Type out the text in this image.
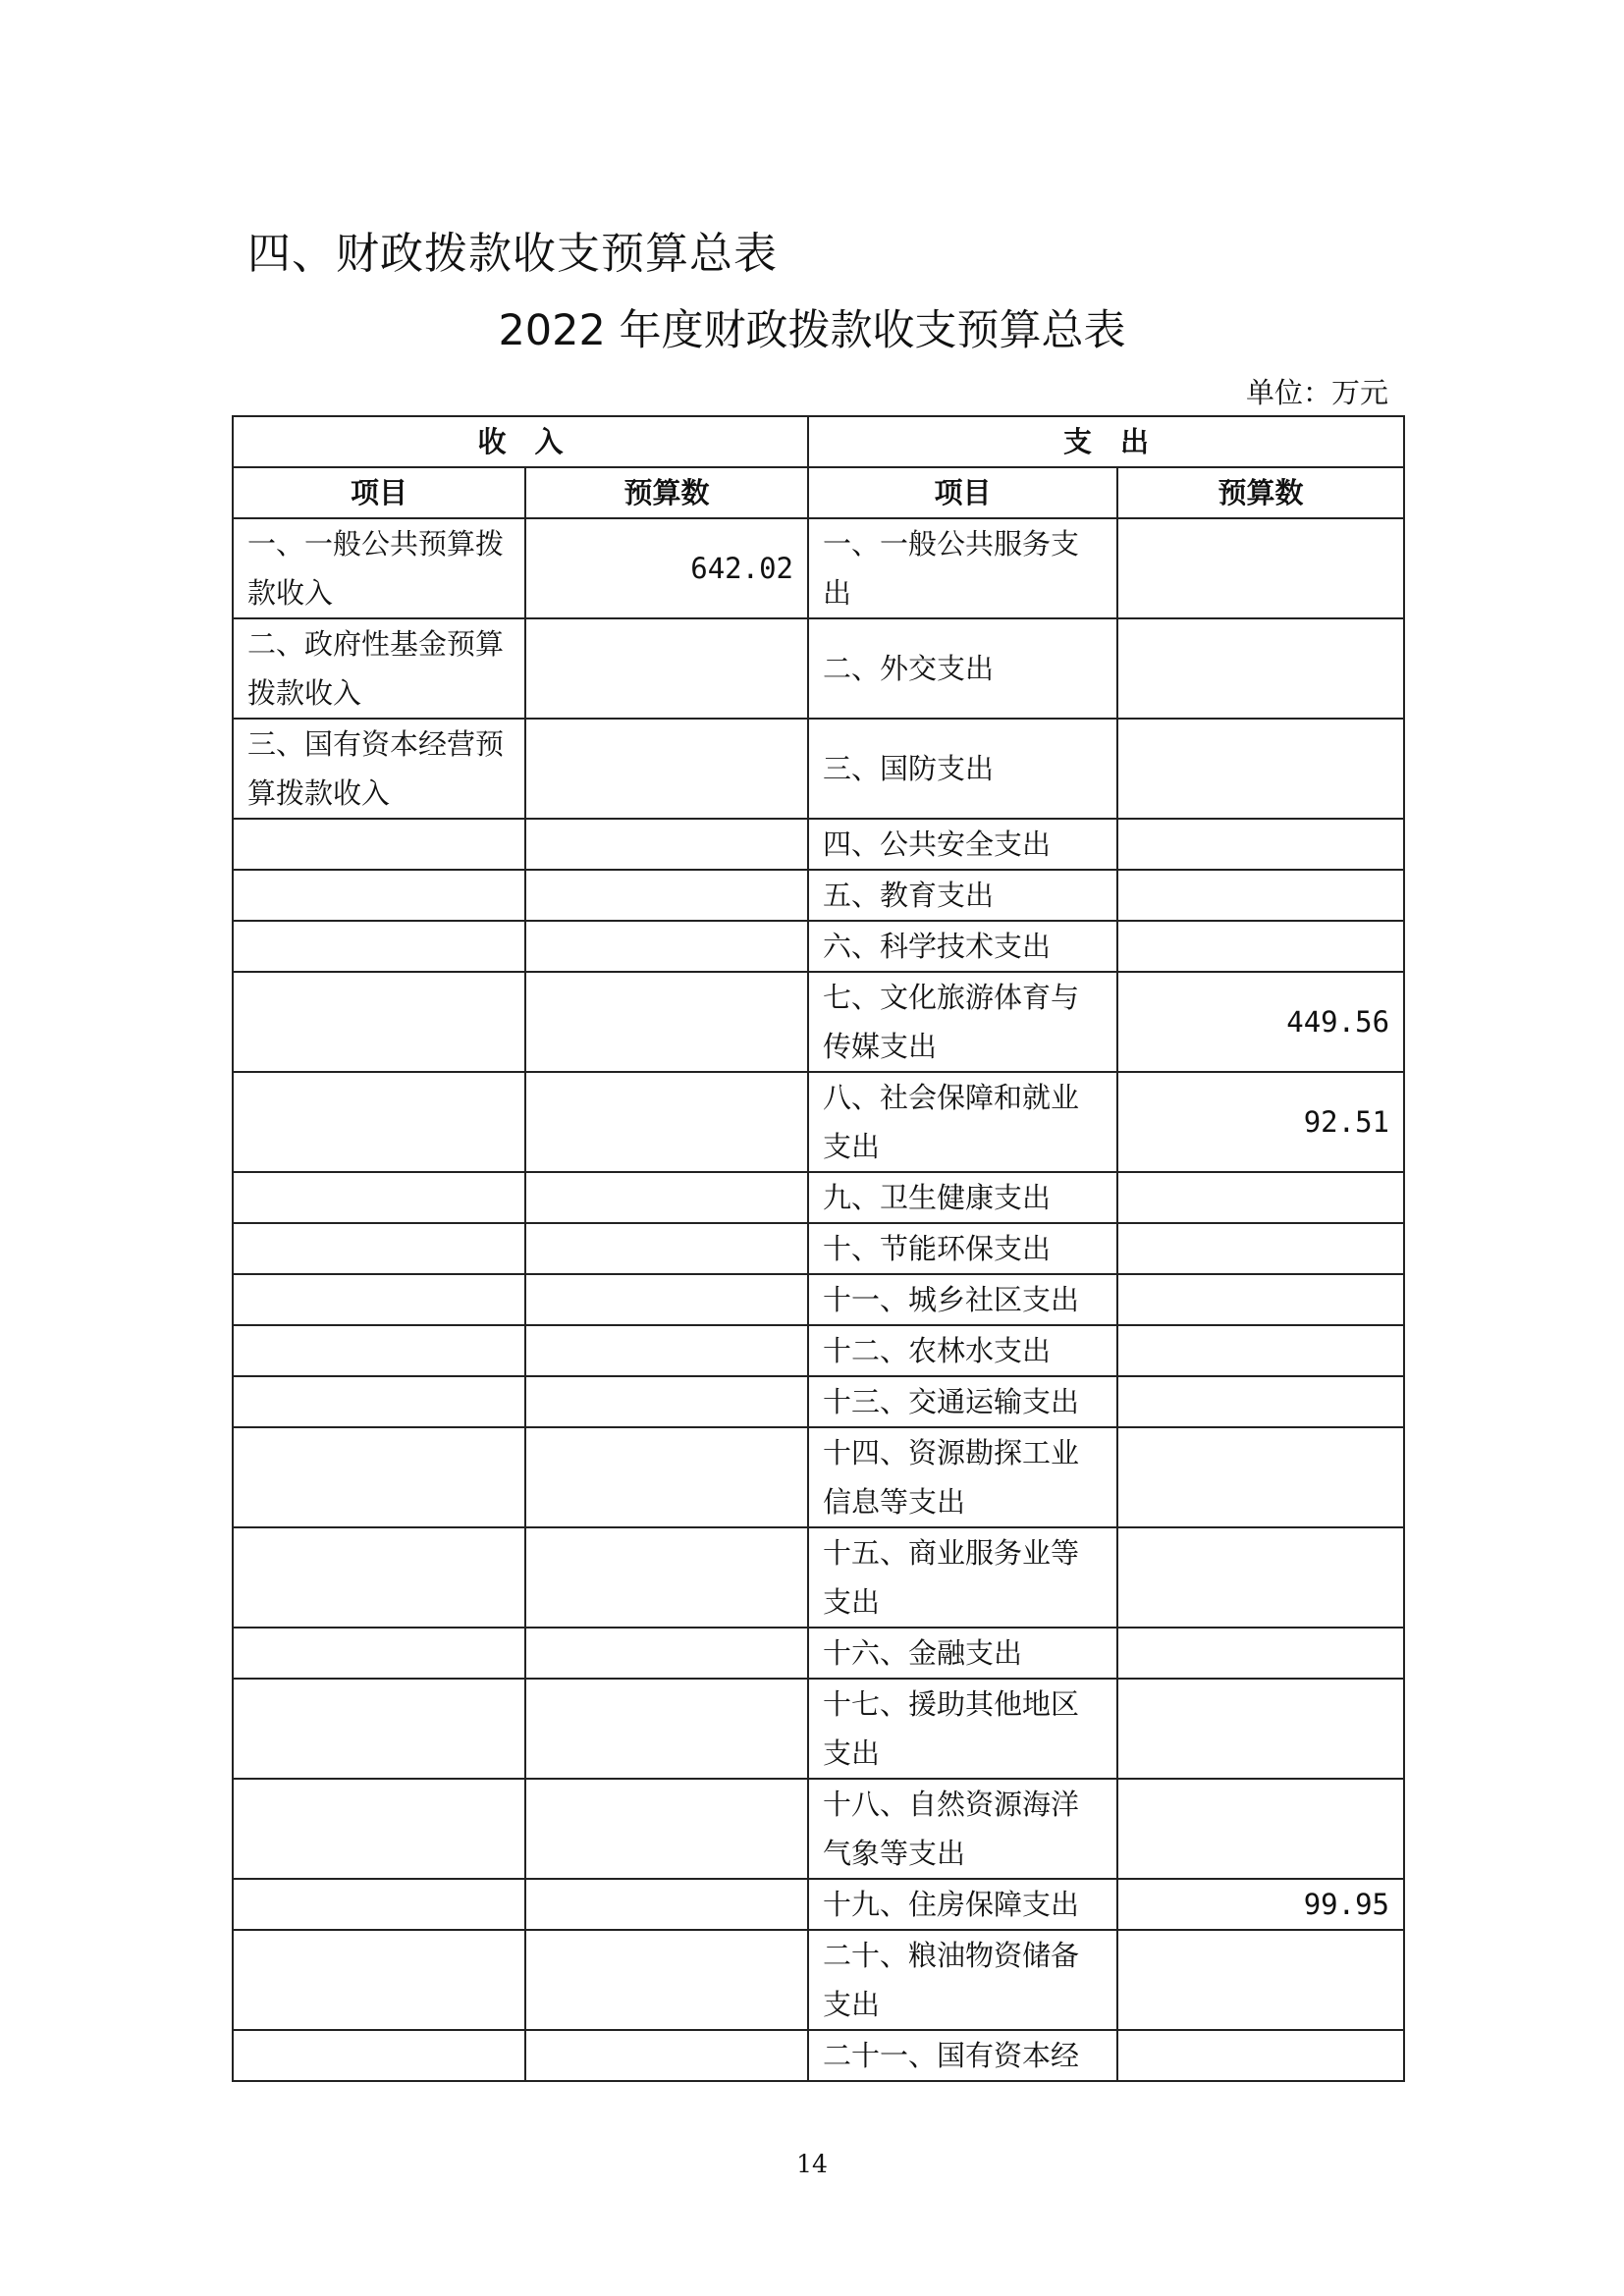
四、财政拨款收支预算总表
2022 年度财政拨款收支预算总表
单位：万元
收　入		支　出	
项目	预算数	项目	预算数
一、一般公共预算拨款收入	642.02	一、一般公共服务支出	
二、政府性基金预算拨款收入		二、外交支出	
三、国有资本经营预算拨款收入		三、国防支出	
		四、公共安全支出	
		五、教育支出	
		六、科学技术支出	
		七、文化旅游体育与传媒支出	449.56
		八、社会保障和就业支出	92.51
		九、卫生健康支出	
		十、节能环保支出	
		十一、城乡社区支出	
		十二、农林水支出	
		十三、交通运输支出	
		十四、资源勘探工业信息等支出	
		十五、商业服务业等支出	
		十六、金融支出	
		十七、援助其他地区支出	
		十八、自然资源海洋气象等支出	
		十九、住房保障支出	99.95
		二十、粮油物资储备支出	
		二十一、国有资本经	
14
